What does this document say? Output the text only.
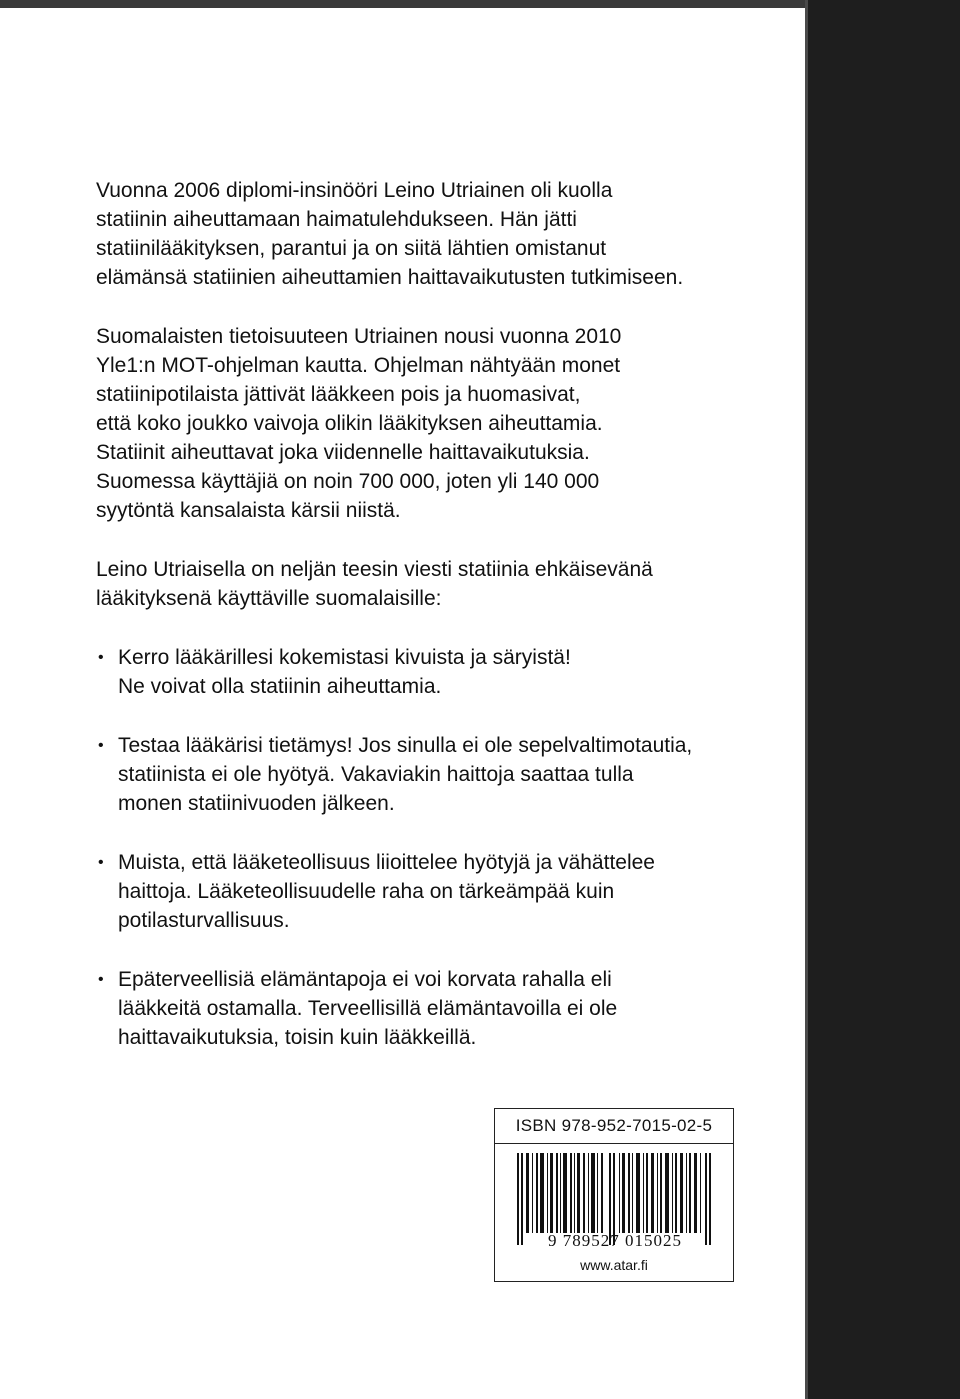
Vuonna 2006 diplomi-insinööri Leino Utriainen oli kuolla
statiinin aiheuttamaan haimatulehdukseen. Hän jätti
statiinilääkityksen, parantui ja on siitä lähtien omistanut
elämänsä statiinien aiheuttamien haittavaikutusten tutkimiseen.

Suomalaisten tietoisuuteen Utriainen nousi vuonna 2010
Yle1:n MOT-ohjelman kautta. Ohjelman nähtyään monet
statiinipotilaista jättivät lääkkeen pois ja huomasivat,
että koko joukko vaivoja olikin lääkityksen aiheuttamia.
Statiinit aiheuttavat joka viidennelle haittavaikutuksia.
Suomessa käyttäjiä on noin 700 000, joten yli 140 000
syytöntä kansalaista kärsii niistä.

Leino Utriaisella on neljän teesin viesti statiinia ehkäisevänä
lääkityksenä käyttäville suomalaisille:

• Kerro lääkärillesi kokemistasi kivuista ja säryistä!
Ne voivat olla statiinin aiheuttamia.
• Testaa lääkärisi tietämys! Jos sinulla ei ole sepelvaltimotautia,
statiinista ei ole hyötyä. Vakaviakin haittoja saattaa tulla
monen statiinivuoden jälkeen.
• Muista, että lääketeollisuus liioittelee hyötyjä ja vähättelee
haittoja. Lääketeollisuudelle raha on tärkeämpää kuin
potilasturvallisuus.
• Epäterveellisiä elämäntapoja ei voi korvata rahalla eli
lääkkeitä ostamalla. Terveellisillä elämäntavoilla ei ole
haittavaikutuksia, toisin kuin lääkkeillä.
ISBN 978-952-7015-02-5
9 789527 015025
www.atar.fi
